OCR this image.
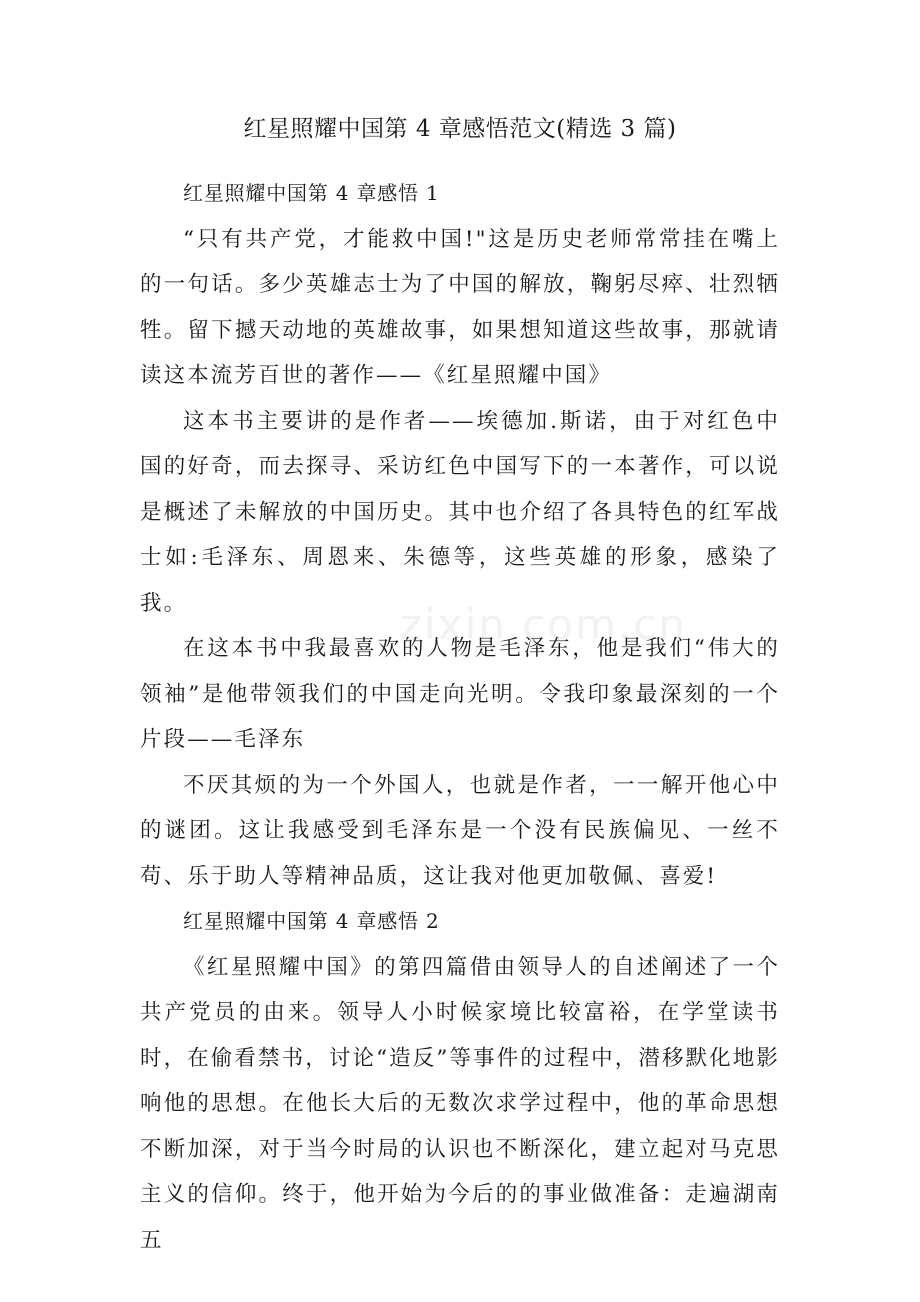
红星照耀中国第 4 章感悟范文(精选 3 篇)
红星照耀中国第 4 章感悟 1

“只有共产党，才能救中国!"这是历史老师常常挂在嘴上的一句话。多少英雄志士为了中国的解放，鞠躬尽瘁、壮烈牺牲。留下撼天动地的英雄故事，如果想知道这些故事，那就请读这本流芳百世的著作——《红星照耀中国》

这本书主要讲的是作者——埃德加.斯诺，由于对红色中国的好奇，而去探寻、采访红色中国写下的一本著作，可以说是概述了未解放的中国历史。其中也介绍了各具特色的红军战士如:毛泽东、周恩来、朱德等，这些英雄的形象，感染了我。

在这本书中我最喜欢的人物是毛泽东，他是我们“伟大的领袖”是他带领我们的中国走向光明。令我印象最深刻的一个片段——毛泽东

不厌其烦的为一个外国人，也就是作者，一一解开他心中的谜团。这让我感受到毛泽东是一个没有民族偏见、一丝不苟、乐于助人等精神品质，这让我对他更加敬佩、喜爱!

红星照耀中国第 4 章感悟 2

《红星照耀中国》的第四篇借由领导人的自述阐述了一个共产党员的由来。领导人小时候家境比较富裕，在学堂读书时，在偷看禁书，讨论“造反”等事件的过程中，潜移默化地影响他的思想。在他长大后的无数次求学过程中，他的革命思想不断加深，对于当今时局的认识也不断深化，建立起对马克思主义的信仰。终于，他开始为今后的的事业做准备：走遍湖南五

zixin.com.cn
